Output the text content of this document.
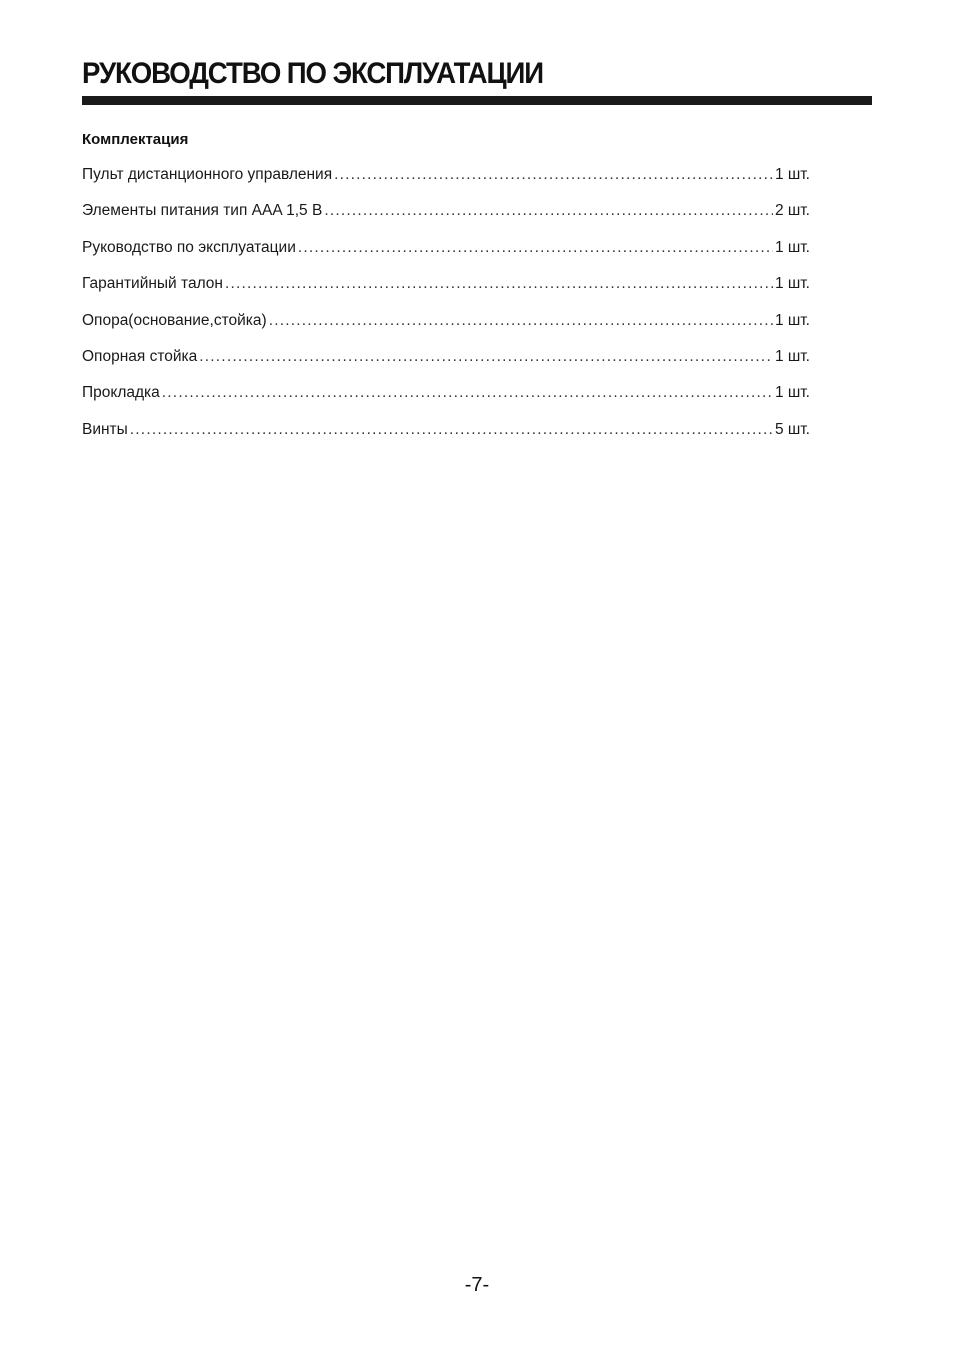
РУКОВОДСТВО ПО ЭКСПЛУАТАЦИИ
Комплектация
Пульт дистанционного управления .....	1 шт.
Элементы питания тип AAA 1,5 В .....	2 шт.
Руководство по эксплуатации .....	1 шт.
Гарантийный талон .....	1 шт.
Опора(основание,стойка) .....	1 шт.
Опорная стойка .....	1 шт.
Прокладка .....	1 шт.
Винты .....	5 шт.
-7-
